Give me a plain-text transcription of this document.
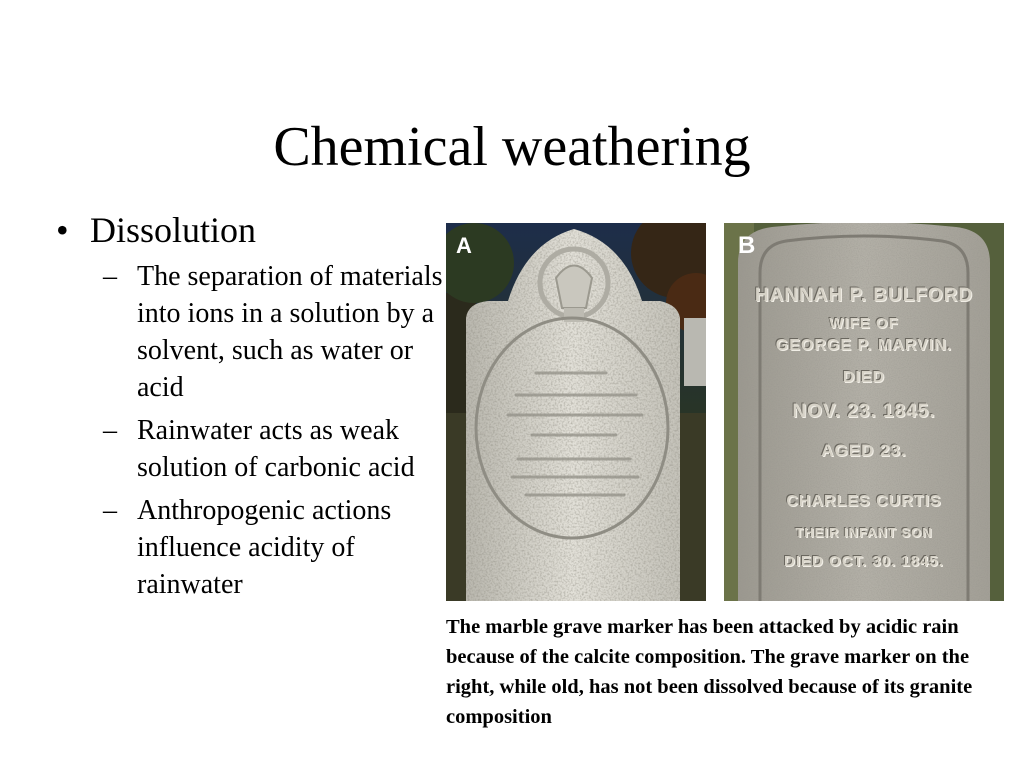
Chemical weathering
• Dissolution
– The separation of materials into ions in a solution by a solvent, such as water or acid
– Rainwater acts as weak solution of carbonic acid
– Anthropogenic actions influence acidity of rainwater
A	B
HANNAH P. BULFORD
WIFE OF
GEORGE P. MARVIN.
DIED
NOV. 23. 1845.
AGED 23.
CHARLES CURTIS
THEIR INFANT SON
DIED OCT. 30. 1845.
The marble grave marker has been attacked by acidic rain because of the calcite composition. The grave marker on the right, while old, has not been dissolved because of its granite composition
